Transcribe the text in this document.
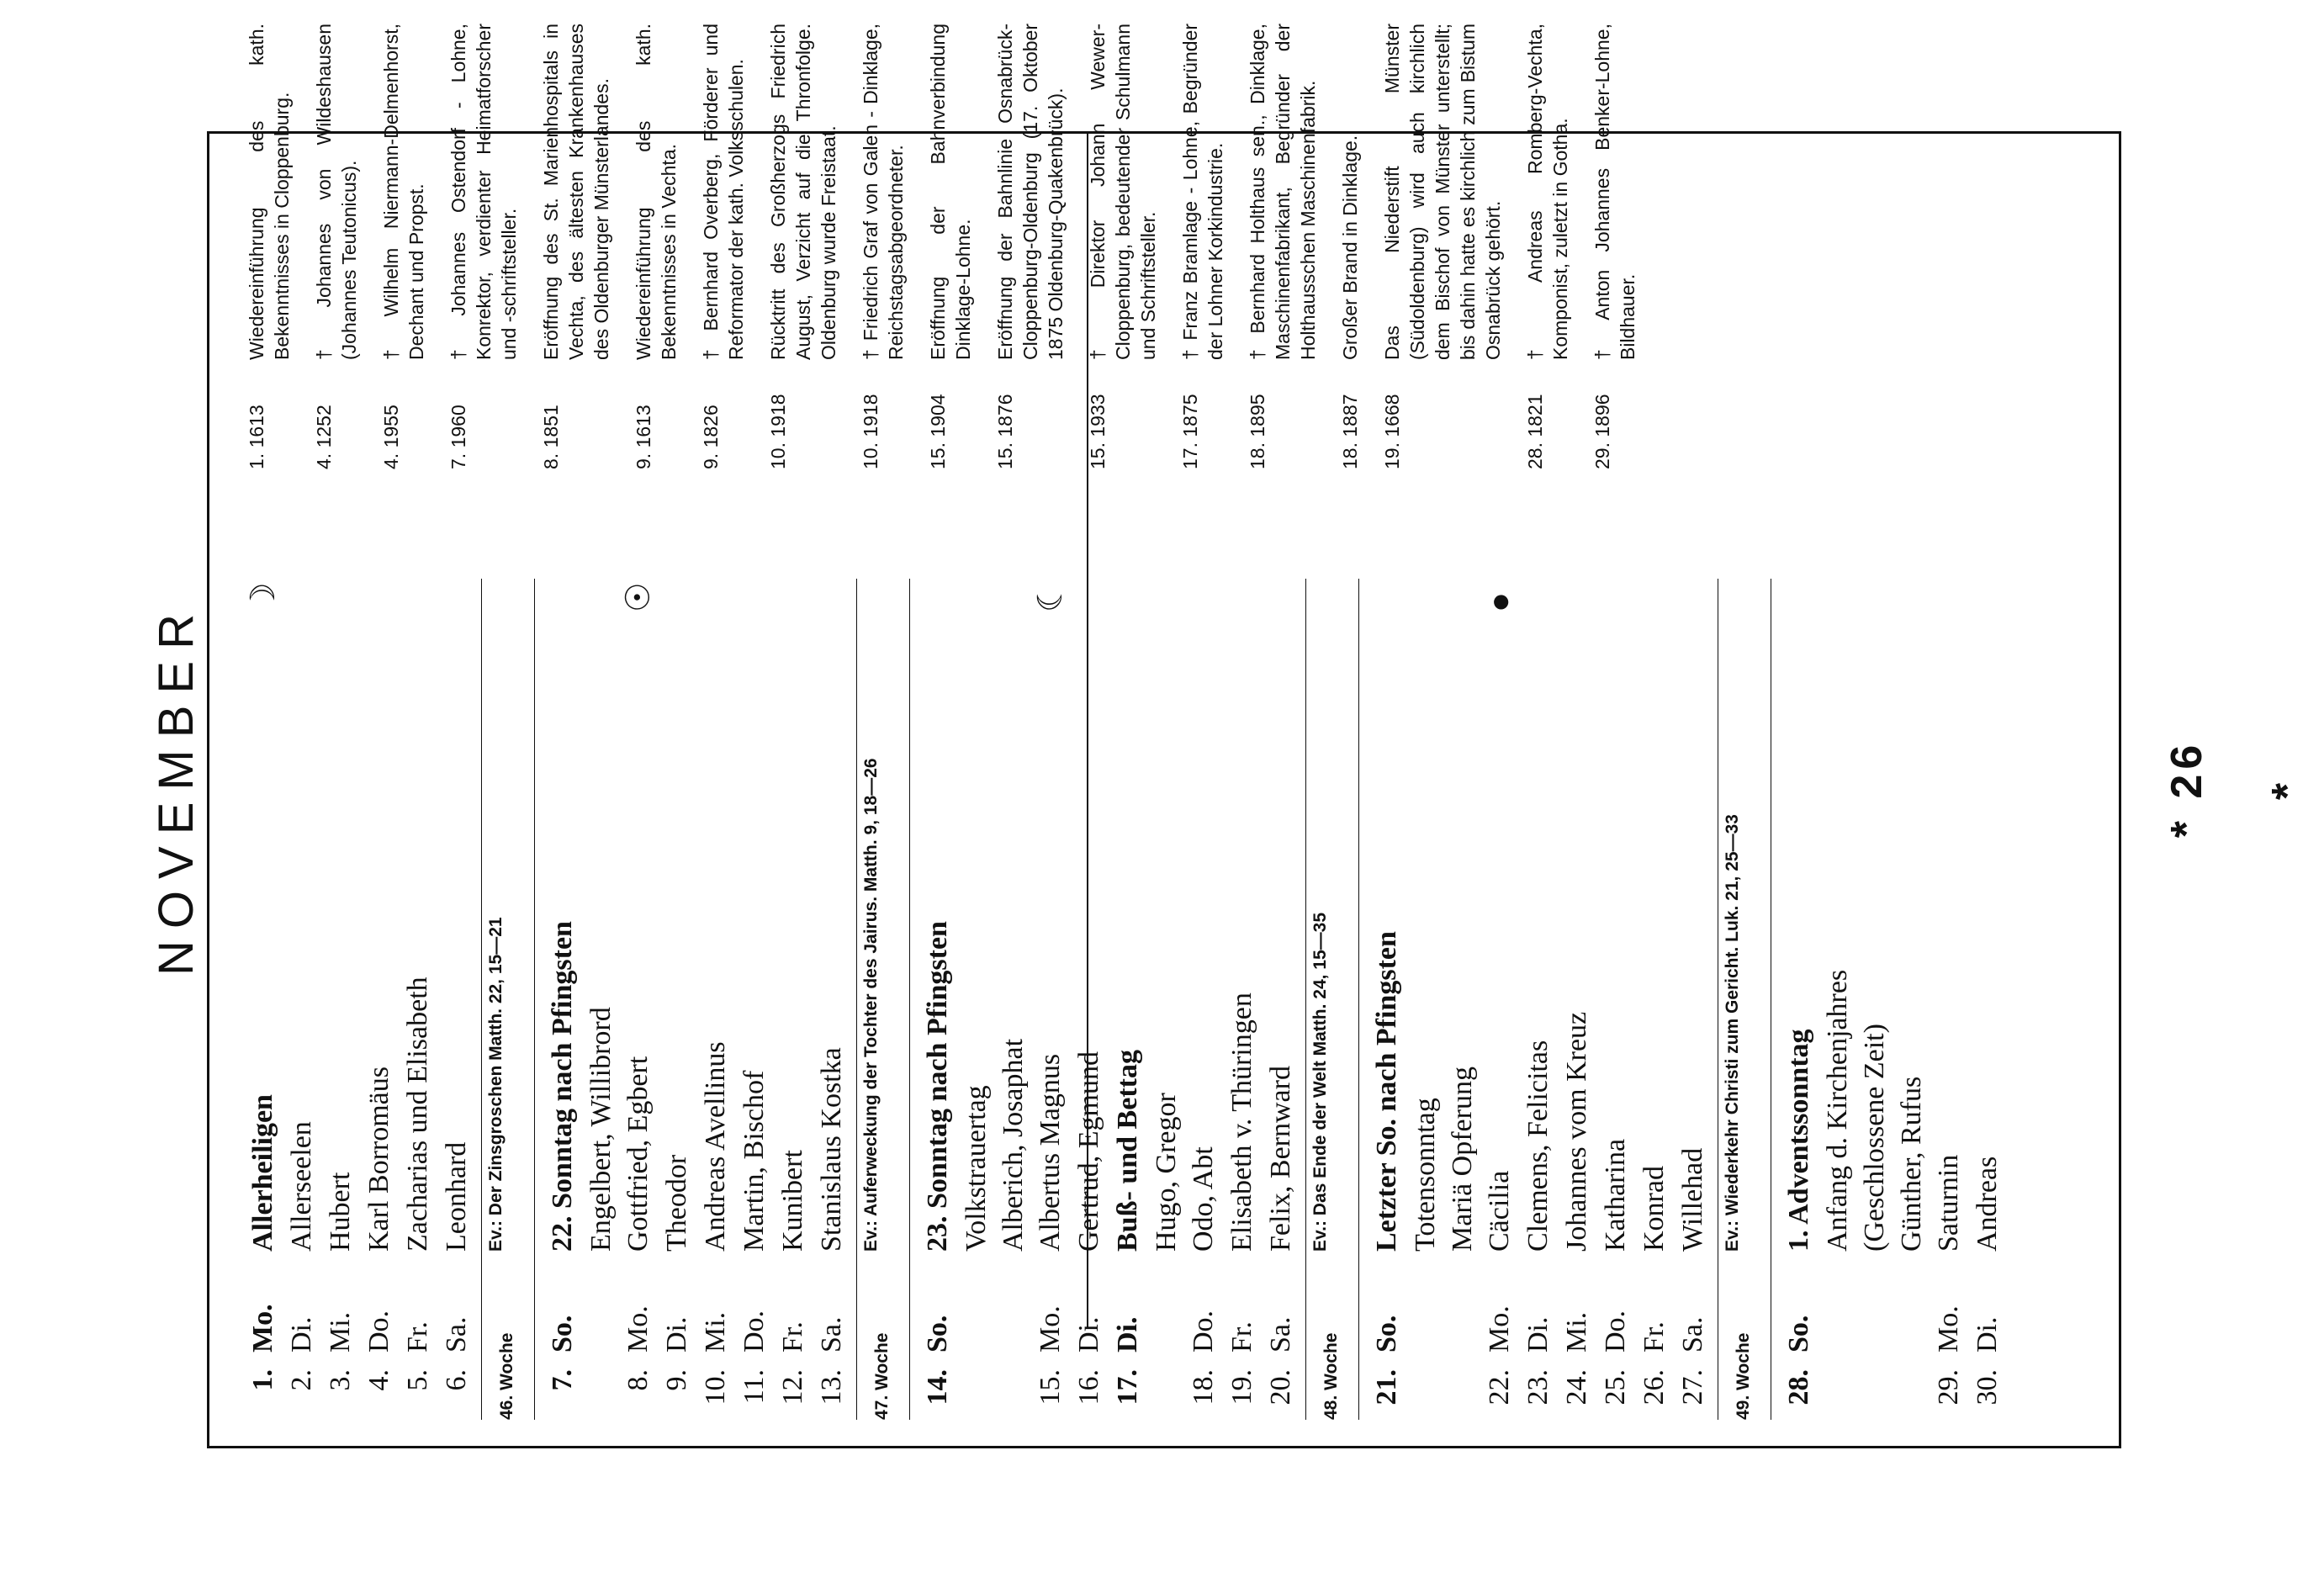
NOVEMBER
1.
Mo.
Allerheiligen
☽
2.
Di.
Allerseelen
3.
Mi.
Hubert
4.
Do.
Karl Borromäus
5.
Fr.
Zacharias und Elisabeth
6.
Sa.
Leonhard
46. Woche
Ev.: Der Zinsgroschen Matth. 22, 15—21
7.
So.
22. Sonntag nach Pfingsten Engelbert, Willibrord
8.
Mo.
Gottfried, Egbert
☉
9.
Di.
Theodor
10.
Mi.
Andreas Avellinus
11.
Do.
Martin, Bischof
12.
Fr.
Kunibert
13.
Sa.
Stanislaus Kostka
47. Woche
Ev.: Auferweckung der Tochter des Jairus. Matth. 9, 18—26
14.
So.
23. Sonntag nach Pfingsten Volkstrauertag Alberich, Josaphat
15.
Mo.
Albertus Magnus
☾
16.
Di.
Gertrud, Egmund
17.
Di.
Buß- und Bettag Hugo, Gregor
18.
Do.
Odo, Abt
19.
Fr.
Elisabeth v. Thüringen
20.
Sa.
Felix, Bernward
48. Woche
Ev.: Das Ende der Welt Matth. 24, 15—35
21.
So.
Letzter So. nach Pfingsten Totensonntag Mariä Opferung
22.
Mo.
Cäcilia
●
23.
Di.
Clemens, Felicitas
24.
Mi.
Johannes vom Kreuz
25.
Do.
Katharina
26.
Fr.
Konrad
27.
Sa.
Willehad
49. Woche
Ev.: Wiederkehr Christi zum Gericht. Luk. 21, 25—33
28.
So.
1. Adventssonntag Anfang d. Kirchenjahres (Geschlossene Zeit) Günther, Rufus
29.
Mo.
Saturnin
30.
Di.
Andreas
1. 1613
Wiedereinführung des kath. Bekenntnisses in Cloppenburg.
4. 1252
† Johannes von Wildeshausen (Johannes Teutonicus).
4. 1955
† Wilhelm Niermann-Delmenhorst, Dechant und Propst.
7. 1960
† Johannes Ostendorf - Lohne, Konrektor, verdienter Heimatforscher und -schriftsteller.
8. 1851
Eröffnung des St. Marienhospitals in Vechta, des ältesten Krankenhauses des Oldenburger Münsterlandes.
9. 1613
Wiedereinführung des kath. Bekenntnisses in Vechta.
9. 1826
† Bernhard Overberg, Förderer und Reformator der kath. Volksschulen.
10. 1918
Rücktritt des Großherzogs Friedrich August, Verzicht auf die Thronfolge. Oldenburg wurde Freistaat.
10. 1918
† Friedrich Graf von Galen - Dinklage, Reichstagsabgeordneter.
15. 1904
Eröffnung der Bahnverbindung Dinklage-Lohne.
15. 1876
Eröffnung der Bahnlinie Osnabrück-Cloppenburg-Oldenburg (17. Oktober 1875 Oldenburg-Quakenbrück).
15. 1933
† Direktor Johann Wewer-Cloppenburg, bedeutender Schulmann und Schriftsteller.
17. 1875
† Franz Bramlage - Lohne, Begründer der Lohner Korkindustrie.
18. 1895
† Bernhard Holthaus sen., Dinklage, Maschinenfabrikant, Begründer der Holthausschen Maschinenfabrik.
18. 1887
Großer Brand in Dinklage.
19. 1668
Das Niederstift Münster (Südoldenburg) wird auch kirchlich dem Bischof von Münster unterstellt; bis dahin hatte es kirchlich zum Bistum Osnabrück gehört.
28. 1821
† Andreas Romberg-Vechta, Komponist, zuletzt in Gotha.
29. 1896
† Anton Johannes Benker-Lohne, Bildhauer.
* 26 *
